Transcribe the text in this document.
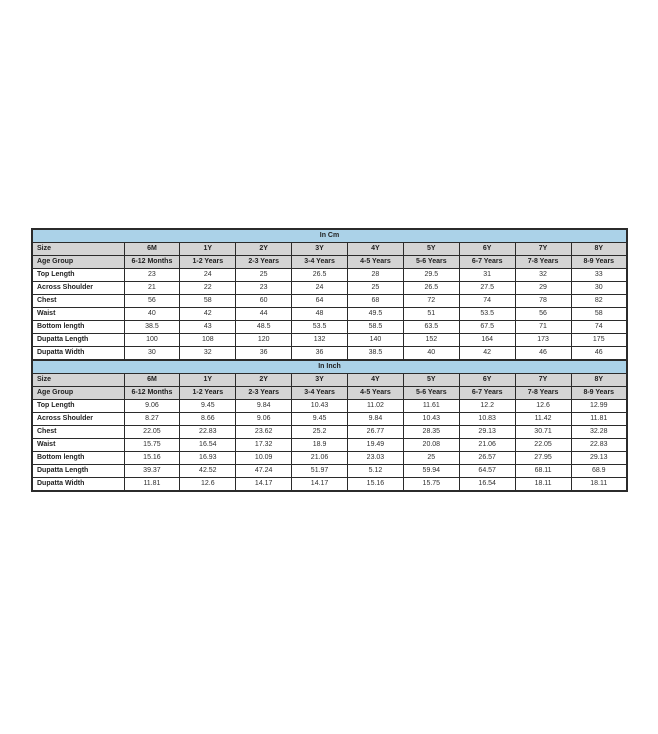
In Cm									
Size	6M	1Y	2Y	3Y	4Y	5Y	6Y	7Y	8Y
Age Group	6-12 Months	1-2 Years	2-3 Years	3-4 Years	4-5 Years	5-6 Years	6-7 Years	7-8 Years	8-9 Years
Top Length	23	24	25	26.5	28	29.5	31	32	33
Across Shoulder	21	22	23	24	25	26.5	27.5	29	30
Chest	56	58	60	64	68	72	74	78	82
Waist	40	42	44	48	49.5	51	53.5	56	58
Bottom length	38.5	43	48.5	53.5	58.5	63.5	67.5	71	74
Dupatta Length	100	108	120	132	140	152	164	173	175
Dupatta Width	30	32	36	36	38.5	40	42	46	46
In Inch									
Size	6M	1Y	2Y	3Y	4Y	5Y	6Y	7Y	8Y
Age Group	6-12 Months	1-2 Years	2-3 Years	3-4 Years	4-5 Years	5-6 Years	6-7 Years	7-8 Years	8-9 Years
Top Length	9.06	9.45	9.84	10.43	11.02	11.61	12.2	12.6	12.99
Across Shoulder	8.27	8.66	9.06	9.45	9.84	10.43	10.83	11.42	11.81
Chest	22.05	22.83	23.62	25.2	26.77	28.35	29.13	30.71	32.28
Waist	15.75	16.54	17.32	18.9	19.49	20.08	21.06	22.05	22.83
Bottom length	15.16	16.93	10.09	21.06	23.03	25	26.57	27.95	29.13
Dupatta Length	39.37	42.52	47.24	51.97	5.12	59.94	64.57	68.11	68.9
Dupatta Width	11.81	12.6	14.17	14.17	15.16	15.75	16.54	18.11	18.11
